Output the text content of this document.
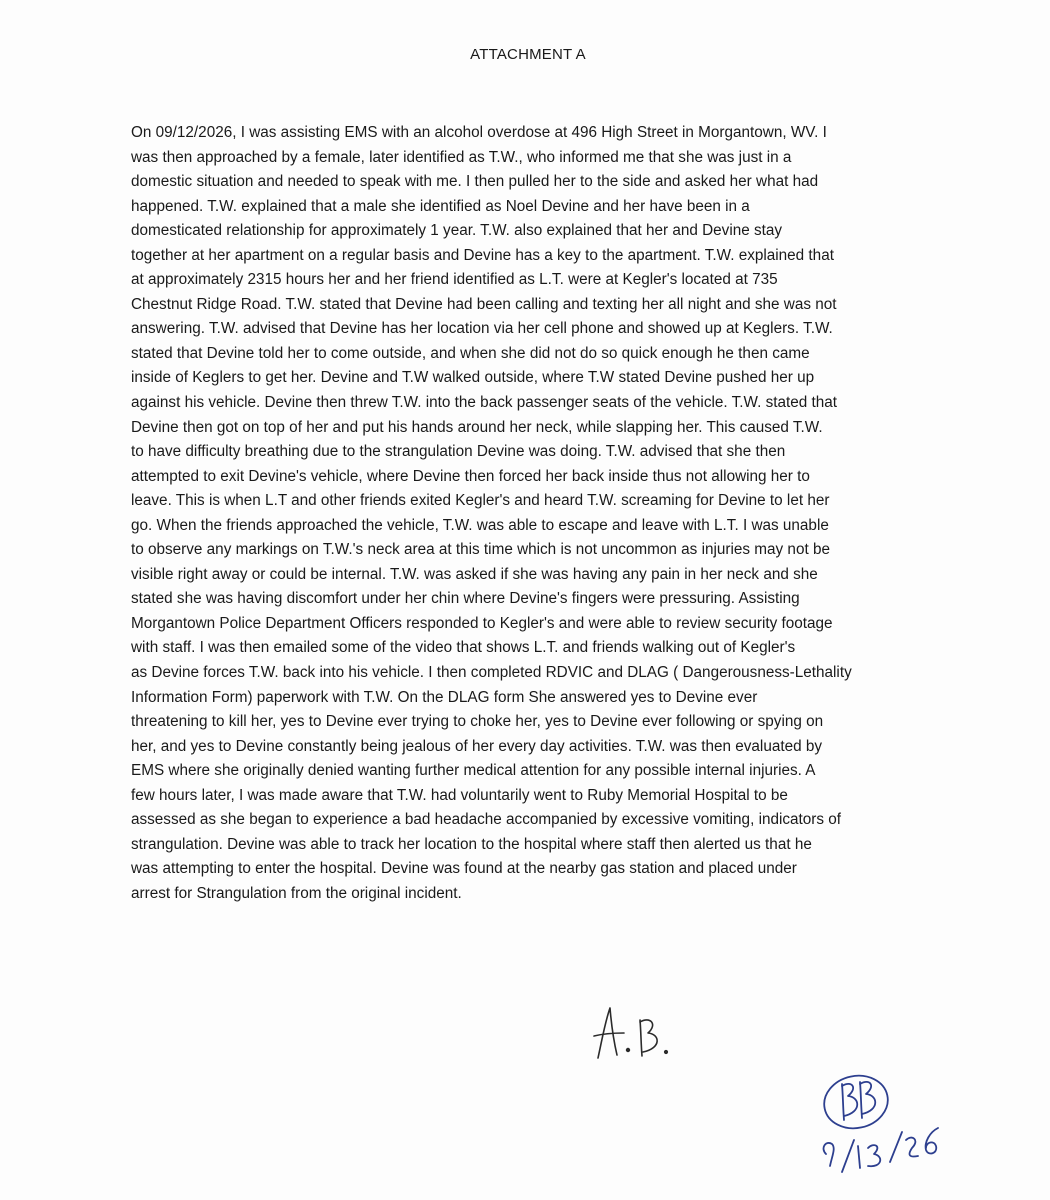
ATTACHMENT A
On 09/12/2026, I was assisting EMS with an alcohol overdose at 496 High Street in Morgantown, WV. I
was then approached by a female, later identified as T.W., who informed me that she was just in a
domestic situation and needed to speak with me. I then pulled her to the side and asked her what had
happened. T.W. explained that a male she identified as Noel Devine and her have been in a
domesticated relationship for approximately 1 year. T.W. also explained that her and Devine stay
together at her apartment on a regular basis and Devine has a key to the apartment. T.W. explained that
at approximately 2315 hours her and her friend identified as L.T. were at Kegler's located at 735
Chestnut Ridge Road. T.W. stated that Devine had been calling and texting her all night and she was not
answering. T.W. advised that Devine has her location via her cell phone and showed up at Keglers. T.W.
stated that Devine told her to come outside, and when she did not do so quick enough he then came
inside of Keglers to get her. Devine and T.W walked outside, where T.W stated Devine pushed her up
against his vehicle. Devine then threw T.W. into the back passenger seats of the vehicle. T.W. stated that
Devine then got on top of her and put his hands around her neck, while slapping her. This caused T.W.
to have difficulty breathing due to the strangulation Devine was doing. T.W. advised that she then
attempted to exit Devine's vehicle, where Devine then forced her back inside thus not allowing her to
leave. This is when L.T and other friends exited Kegler's and heard T.W. screaming for Devine to let her
go. When the friends approached the vehicle, T.W. was able to escape and leave with L.T. I was unable
to observe any markings on T.W.'s neck area at this time which is not uncommon as injuries may not be
visible right away or could be internal. T.W. was asked if she was having any pain in her neck and she
stated she was having discomfort under her chin where Devine's fingers were pressuring. Assisting
Morgantown Police Department Officers responded to Kegler's and were able to review security footage
with staff. I was then emailed some of the video that shows L.T. and friends walking out of Kegler's
as Devine forces T.W. back into his vehicle. I then completed RDVIC and DLAG ( Dangerousness-Lethality
Information Form) paperwork with T.W. On the DLAG form She answered yes to Devine ever
threatening to kill her, yes to Devine ever trying to choke her, yes to Devine ever following or spying on
her, and yes to Devine constantly being jealous of her every day activities. T.W. was then evaluated by
EMS where she originally denied wanting further medical attention for any possible internal injuries. A
few hours later, I was made aware that T.W. had voluntarily went to Ruby Memorial Hospital to be
assessed as she began to experience a bad headache accompanied by excessive vomiting, indicators of
strangulation. Devine was able to track her location to the hospital where staff then alerted us that he
was attempting to enter the hospital. Devine was found at the nearby gas station and placed under
arrest for Strangulation from the original incident.
